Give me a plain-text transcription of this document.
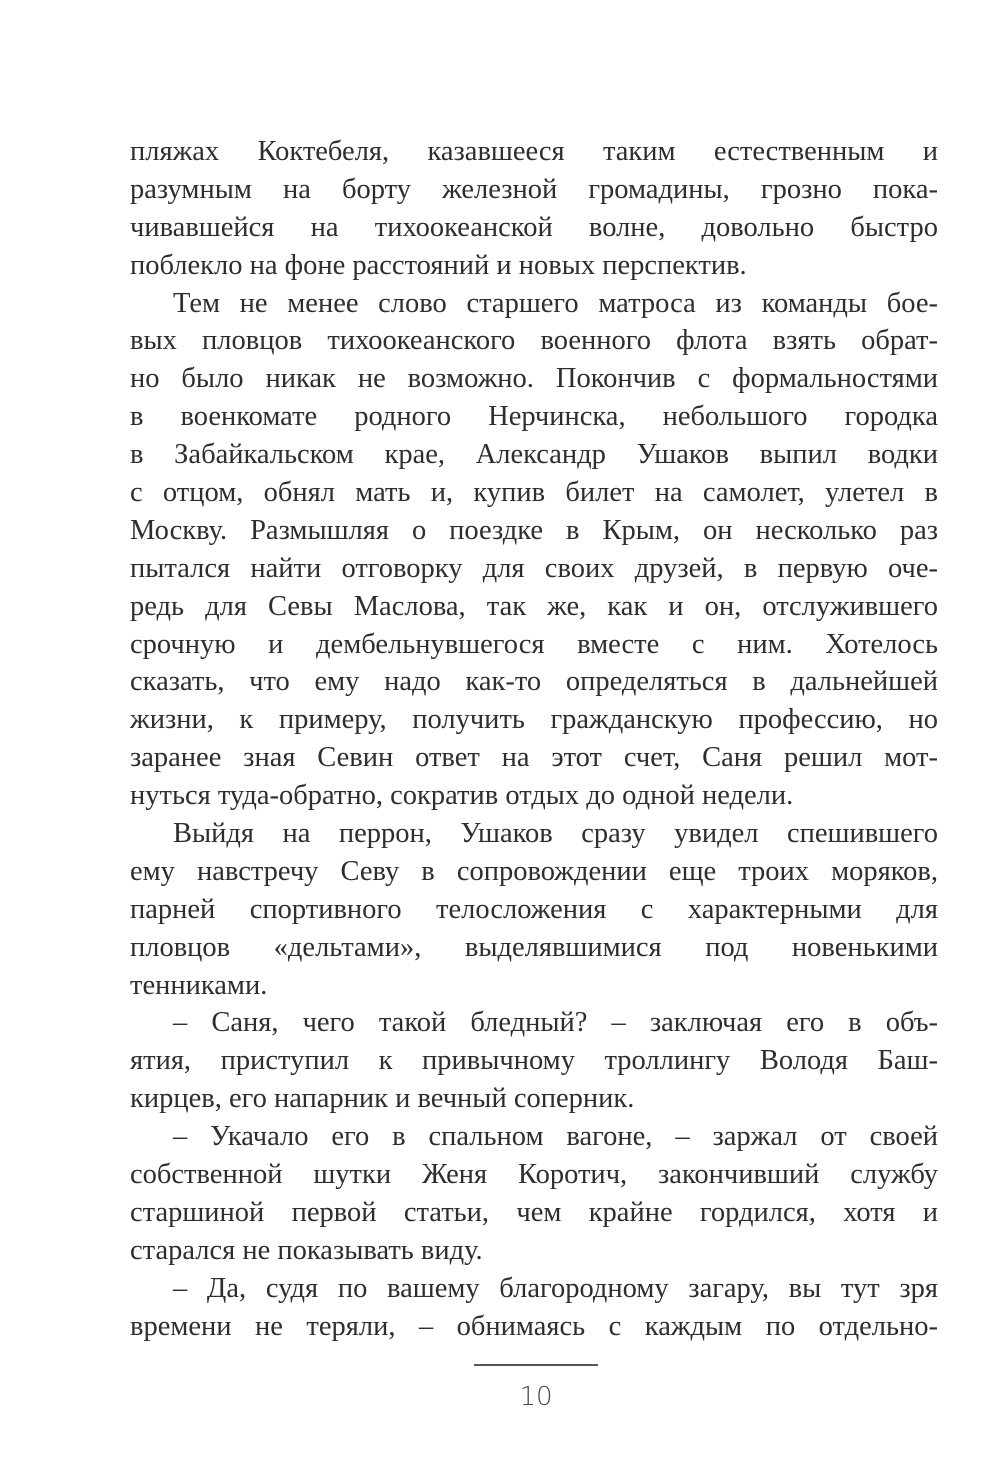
пляжах Коктебеля, казавшееся таким естественным и
разумным на борту железной громадины, грозно пока-
чивавшейся на тихоокеанской волне, довольно быстро
поблекло на фоне расстояний и новых перспектив.
Тем не менее слово старшего матроса из команды бое-
вых пловцов тихоокеанского военного флота взять обрат-
но было никак не возможно. Покончив с формальностями
в военкомате родного Нерчинска, небольшого городка
в Забайкальском крае, Александр Ушаков выпил водки
с отцом, обнял мать и, купив билет на самолет, улетел в
Москву. Размышляя о поездке в Крым, он несколько раз
пытался найти отговорку для своих друзей, в первую оче-
редь для Севы Маслова, так же, как и он, отслужившего
срочную и дембельнувшегося вместе с ним. Хотелось
сказать, что ему надо как-то определяться в дальнейшей
жизни, к примеру, получить гражданскую профессию, но
заранее зная Севин ответ на этот счет, Саня решил мот-
нуться туда-обратно, сократив отдых до одной недели.
Выйдя на перрон, Ушаков сразу увидел спешившего
ему навстречу Севу в сопровождении еще троих моряков,
парней спортивного телосложения с характерными для
пловцов «дельтами», выделявшимися под новенькими
тенниками.
– Саня, чего такой бледный? – заключая его в объ-
ятия, приступил к привычному троллингу Володя Баш-
кирцев, его напарник и вечный соперник.
– Укачало его в спальном вагоне, – заржал от своей
собственной шутки Женя Коротич, закончивший службу
старшиной первой статьи, чем крайне гордился, хотя и
старался не показывать виду.
– Да, судя по вашему благородному загару, вы тут зря
времени не теряли, – обнимаясь с каждым по отдельно-
10
